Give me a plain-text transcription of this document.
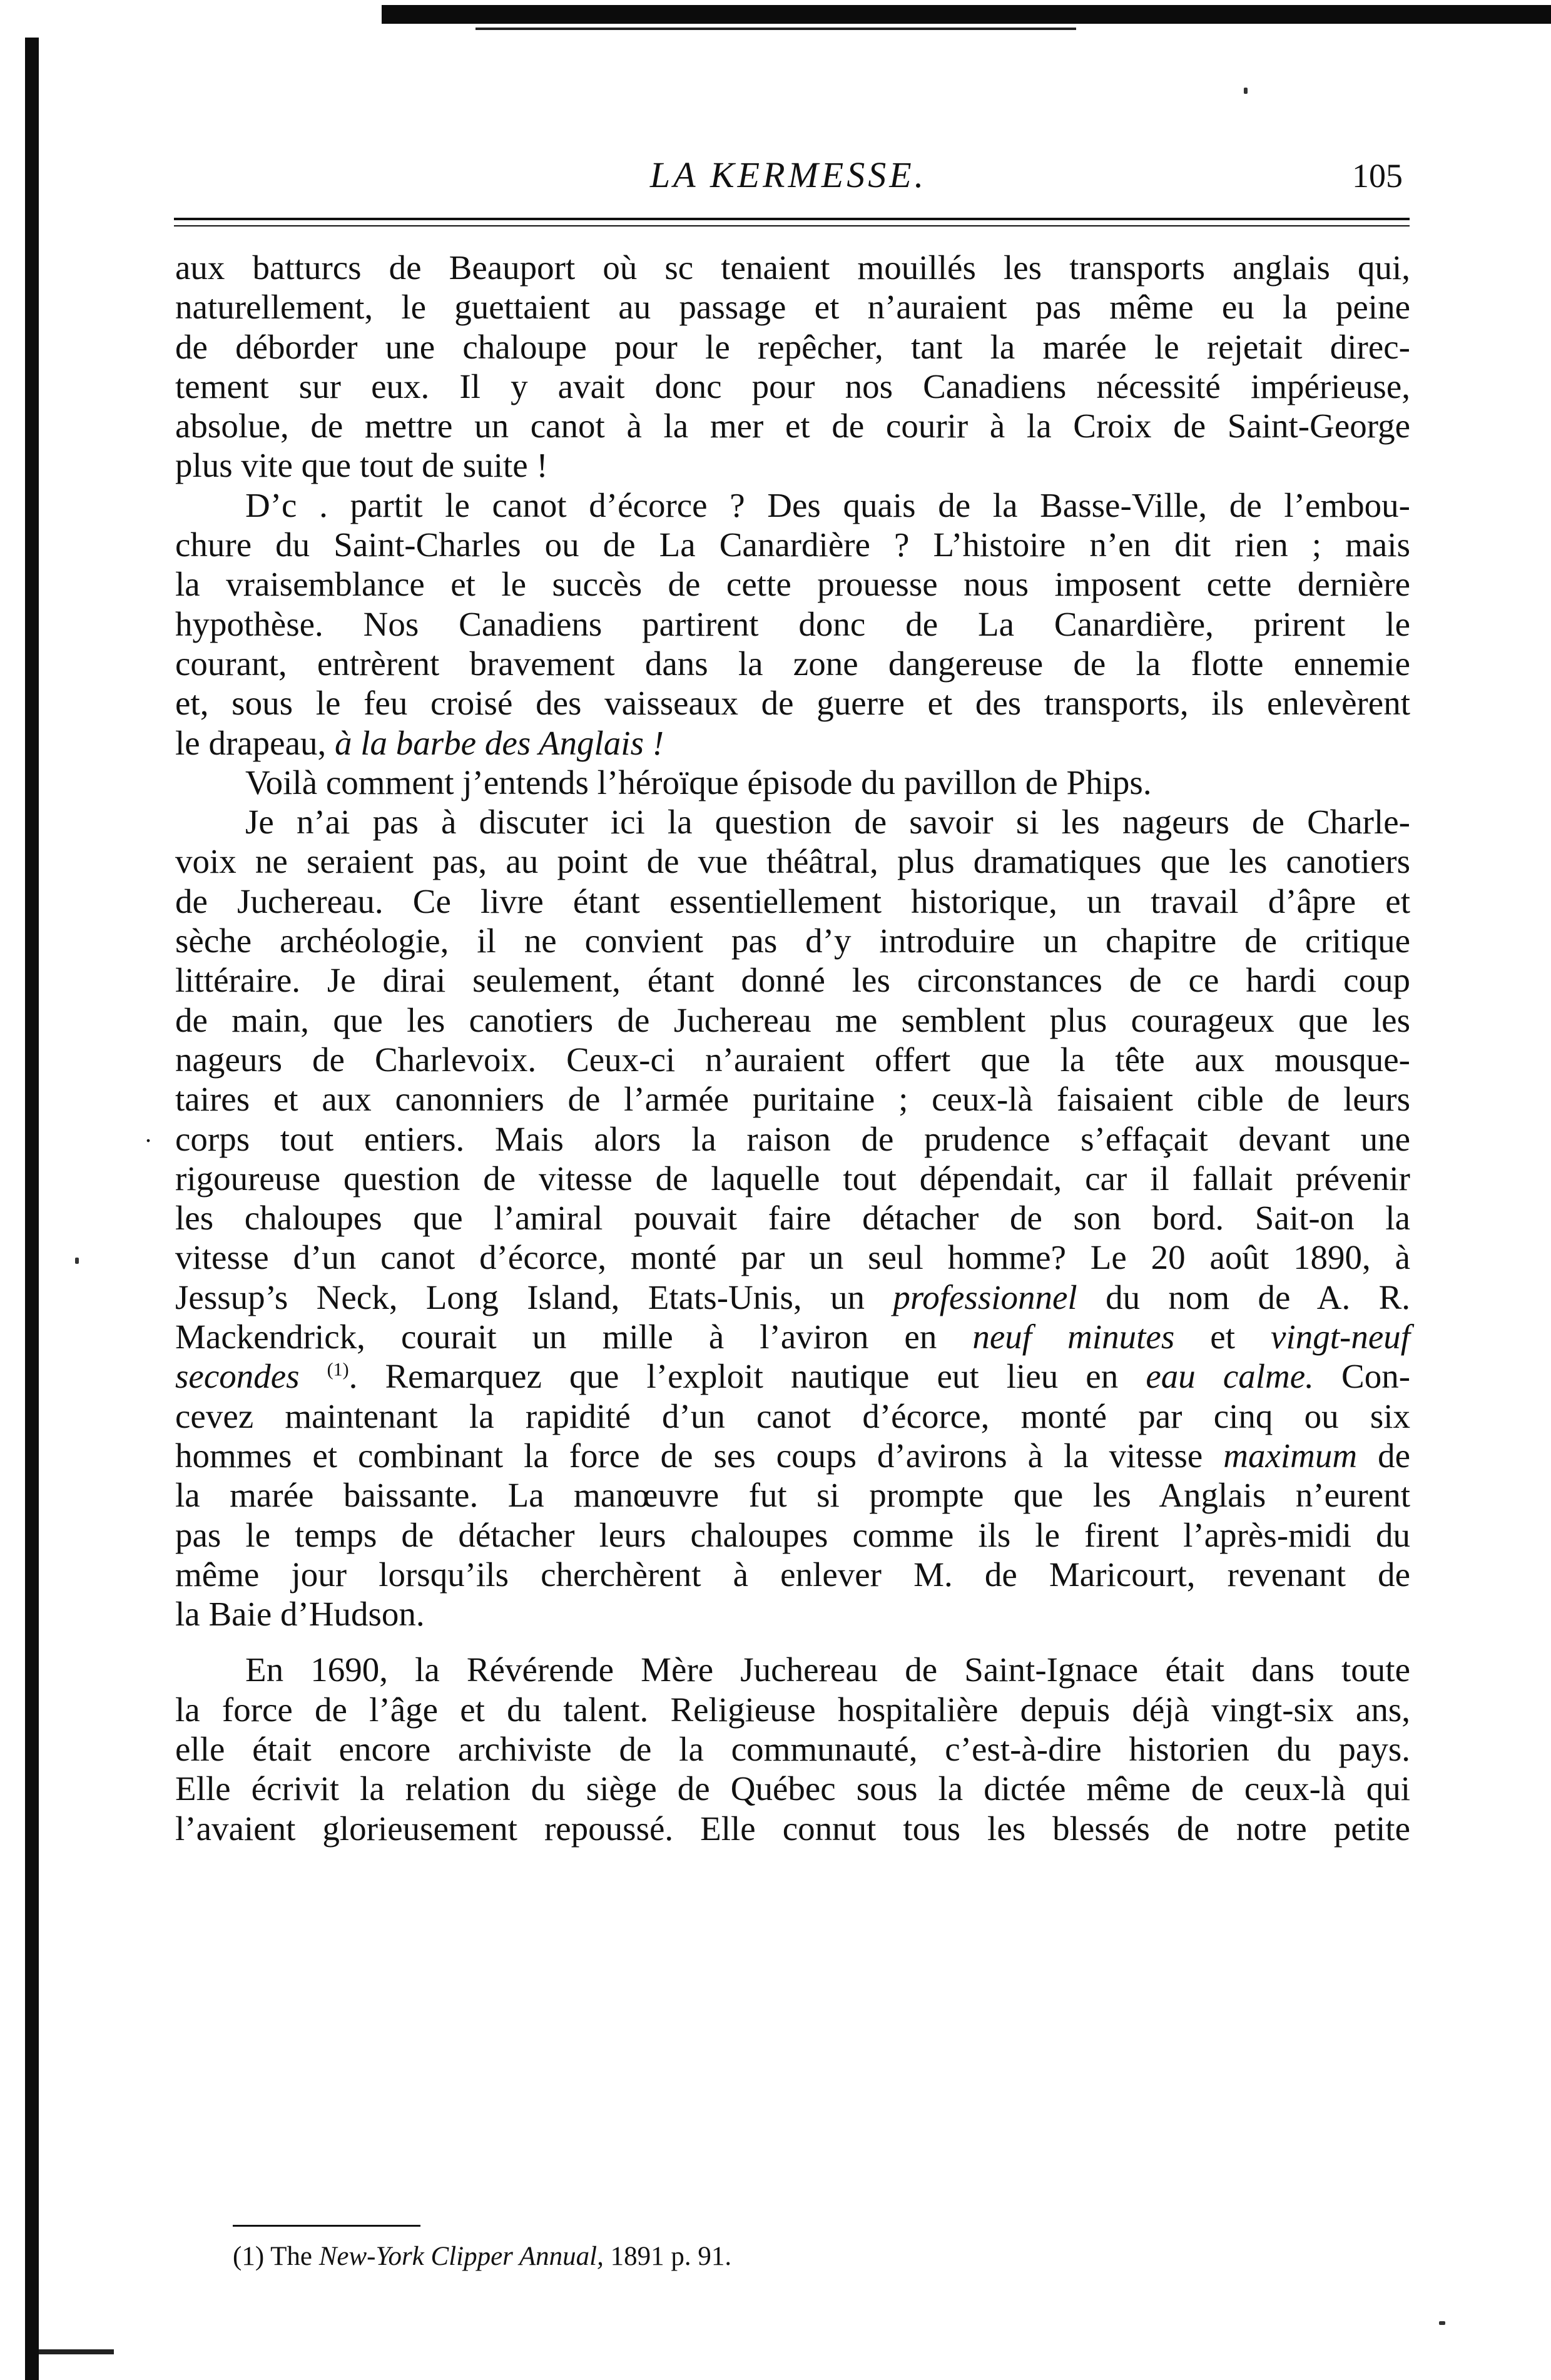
LA KERMESSE.	105
.
aux batturcs de Beauport où sc tenaient mouillés les transports anglais qui,
naturellement, le guettaient au passage et n’auraient pas même eu la peine
de déborder une chaloupe pour le repêcher, tant la marée le rejetait direc-
tement sur eux. Il y avait donc pour nos Canadiens nécessité impérieuse,
absolue, de mettre un canot à la mer et de courir à la Croix de Saint-George
plus vite que tout de suite !
D’c . partit le canot d’écorce ? Des quais de la Basse-Ville, de l’embou-
chure du Saint-Charles ou de La Canardière ? L’histoire n’en dit rien ; mais
la vraisemblance et le succès de cette prouesse nous imposent cette dernière
hypothèse. Nos Canadiens partirent donc de La Canardière, prirent le
courant, entrèrent bravement dans la zone dangereuse de la flotte ennemie
et, sous le feu croisé des vaisseaux de guerre et des transports, ils enlevèrent
le drapeau, à la barbe des Anglais !
Voilà comment j’entends l’héroïque épisode du pavillon de Phips.
Je n’ai pas à discuter ici la question de savoir si les nageurs de Charle-
voix ne seraient pas, au point de vue théâtral, plus dramatiques que les canotiers
de Juchereau. Ce livre étant essentiellement historique, un travail d’âpre et
sèche archéologie, il ne convient pas d’y introduire un chapitre de critique
littéraire. Je dirai seulement, étant donné les circonstances de ce hardi coup
de main, que les canotiers de Juchereau me semblent plus courageux que les
nageurs de Charlevoix. Ceux-ci n’auraient offert que la tête aux mousque-
taires et aux canonniers de l’armée puritaine ; ceux-là faisaient cible de leurs
corps tout entiers. Mais alors la raison de prudence s’effaçait devant une
rigoureuse question de vitesse de laquelle tout dépendait, car il fallait prévenir
les chaloupes que l’amiral pouvait faire détacher de son bord. Sait-on la
vitesse d’un canot d’écorce, monté par un seul homme? Le 20 août 1890, à
Jessup’s Neck, Long Island, Etats-Unis, un professionnel du nom de A. R.
Mackendrick, courait un mille à l’aviron en neuf minutes et vingt-neuf
secondes $^{(1)}$. Remarquez que l’exploit nautique eut lieu en eau calme. Con-
cevez maintenant la rapidité d’un canot d’écorce, monté par cinq ou six
hommes et combinant la force de ses coups d’avirons à la vitesse maximum de
la marée baissante. La manœuvre fut si prompte que les Anglais n’eurent
pas le temps de détacher leurs chaloupes comme ils le firent l’après-midi du
même jour lorsqu’ils cherchèrent à enlever M. de Maricourt, revenant de
la Baie d’Hudson.
En 1690, la Révérende Mère Juchereau de Saint-Ignace était dans toute
la force de l’âge et du talent. Religieuse hospitalière depuis déjà vingt-six ans,
elle était encore archiviste de la communauté, c’est-à-dire historien du pays.
Elle écrivit la relation du siège de Québec sous la dictée même de ceux-là qui
l’avaient glorieusement repoussé. Elle connut tous les blessés de notre petite
(1) The New-York Clipper Annual, 1891 p. 91.
